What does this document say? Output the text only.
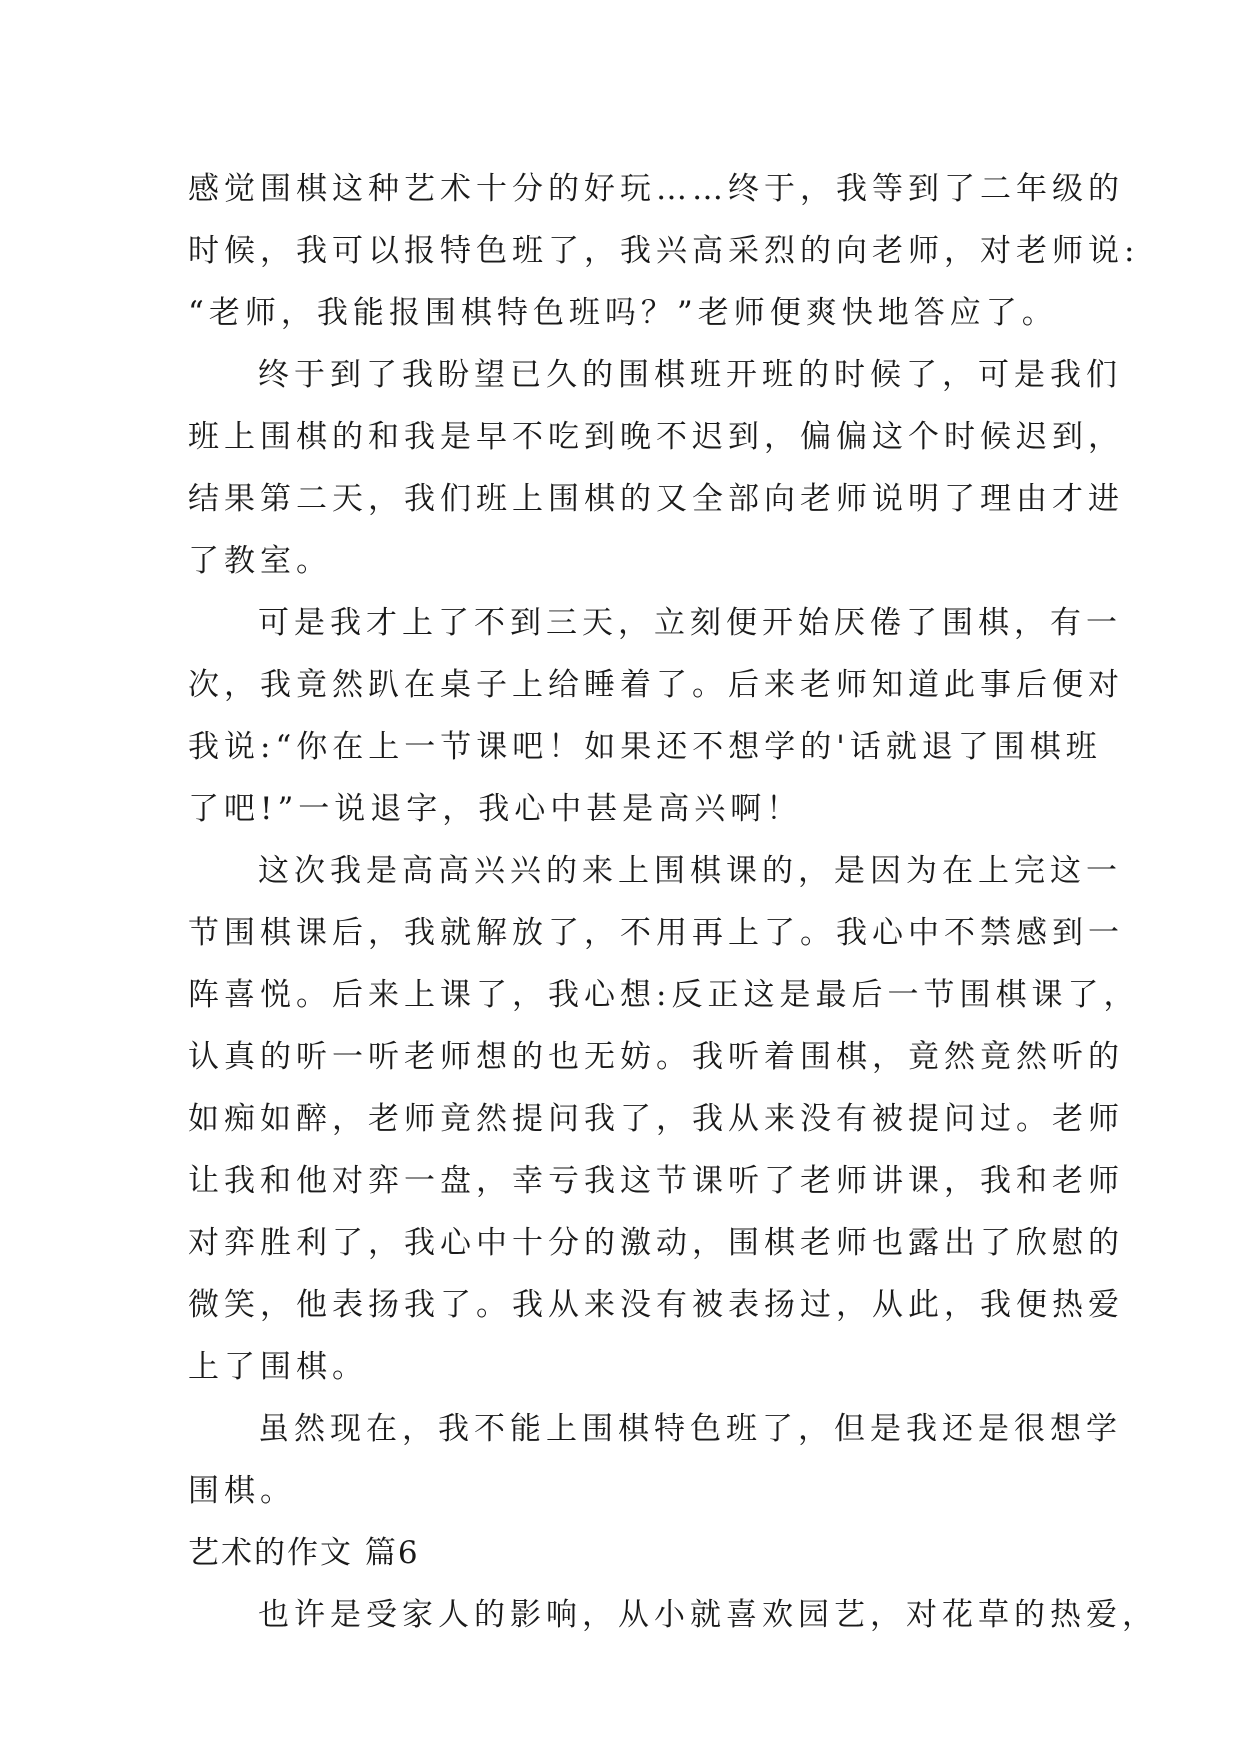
感觉围棋这种艺术十分的好玩……终于，我等到了二年级的
时候，我可以报特色班了，我兴高采烈的向老师，对老师说:
“老师，我能报围棋特色班吗？”老师便爽快地答应了。
终于到了我盼望已久的围棋班开班的时候了，可是我们
班上围棋的和我是早不吃到晚不迟到，偏偏这个时候迟到，
结果第二天，我们班上围棋的又全部向老师说明了理由才进
了教室。
可是我才上了不到三天，立刻便开始厌倦了围棋，有一
次，我竟然趴在桌子上给睡着了。后来老师知道此事后便对
我说:“你在上一节课吧！如果还不想学的'话就退了围棋班
了吧!”一说退字，我心中甚是高兴啊！
这次我是高高兴兴的来上围棋课的，是因为在上完这一
节围棋课后，我就解放了，不用再上了。我心中不禁感到一
阵喜悦。后来上课了，我心想:反正这是最后一节围棋课了，
认真的听一听老师想的也无妨。我听着围棋，竟然竟然听的
如痴如醉，老师竟然提问我了，我从来没有被提问过。老师
让我和他对弈一盘，幸亏我这节课听了老师讲课，我和老师
对弈胜利了，我心中十分的激动，围棋老师也露出了欣慰的
微笑，他表扬我了。我从来没有被表扬过，从此，我便热爱
上了围棋。
虽然现在，我不能上围棋特色班了，但是我还是很想学
围棋。
艺术的作文 篇6
也许是受家人的影响，从小就喜欢园艺，对花草的热爱，
